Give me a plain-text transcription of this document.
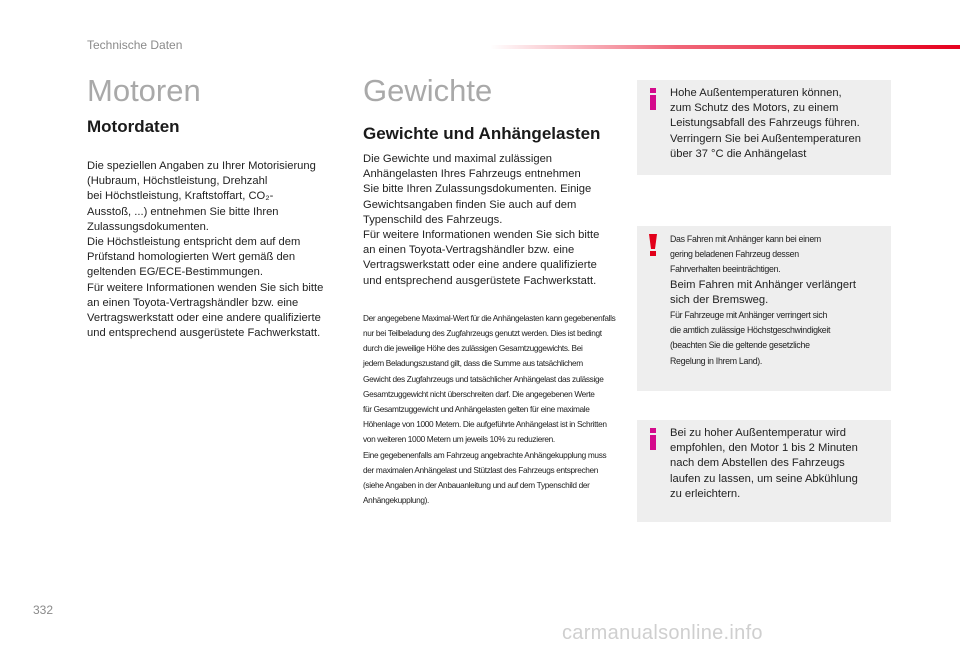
Technische Daten
Motoren
Motordaten

Die speziellen Angaben zu Ihrer Motorisierung
(Hubraum, Höchstleistung, Drehzahl
bei Höchstleistung, Kraftstoffart, CO₂-
Ausstoß, ...) entnehmen Sie bitte Ihren
Zulassungsdokumenten.
Die Höchstleistung entspricht dem auf dem
Prüfstand homologierten Wert gemäß den
geltenden EG/ECE-Bestimmungen.
Für weitere Informationen wenden Sie sich bitte
an einen Toyota-Vertragshändler bzw. eine
Vertragswerkstatt oder eine andere qualifizierte
und entsprechend ausgerüstete Fachwerkstatt.

Gewichte
Gewichte und Anhängelasten

Die Gewichte und maximal zulässigen
Anhängelasten Ihres Fahrzeugs entnehmen
Sie bitte Ihren Zulassungsdokumenten. Einige
Gewichtsangaben finden Sie auch auf dem
Typenschild des Fahrzeugs.
Für weitere Informationen wenden Sie sich bitte
an einen Toyota-Vertragshändler bzw. eine
Vertragswerkstatt oder eine andere qualifizierte
und entsprechend ausgerüstete Fachwerkstatt.

Der angegebene Maximal-Wert für die Anhängelasten kann gegebenenfalls
nur bei Teilbeladung des Zugfahrzeugs genutzt werden. Dies ist bedingt
durch die jeweilige Höhe des zulässigen Gesamtzuggewichts. Bei
jedem Beladungszustand gilt, dass die Summe aus tatsächlichem
Gewicht des Zugfahrzeugs und tatsächlicher Anhängelast das zulässige
Gesamtzuggewicht nicht überschreiten darf. Die angegebenen Werte
für Gesamtzuggewicht und Anhängelasten gelten für eine maximale
Höhenlage von 1000 Metern. Die aufgeführte Anhängelast ist in Schritten
von weiteren 1000 Metern um jeweils 10% zu reduzieren.
Eine gegebenenfalls am Fahrzeug angebrachte Anhängekupplung muss
der maximalen Anhängelast und Stützlast des Fahrzeugs entsprechen
(siehe Angaben in der Anbauanleitung und auf dem Typenschild der
Anhängekupplung).

Hohe Außentemperaturen können,
zum Schutz des Motors, zu einem
Leistungsabfall des Fahrzeugs führen.
Verringern Sie bei Außentemperaturen
über 37 °C die Anhängelast

Das Fahren mit Anhänger kann bei einem
gering beladenen Fahrzeug dessen
Fahrverhalten beeinträchtigen.

Beim Fahren mit Anhänger verlängert
sich der Bremsweg.

Für Fahrzeuge mit Anhänger verringert sich
die amtlich zulässige Höchstgeschwindigkeit
(beachten Sie die geltende gesetzliche
Regelung in Ihrem Land).

Bei zu hoher Außentemperatur wird
empfohlen, den Motor 1 bis 2 Minuten
nach dem Abstellen des Fahrzeugs
laufen zu lassen, um seine Abkühlung
zu erleichtern.

332
carmanualsonline.info
